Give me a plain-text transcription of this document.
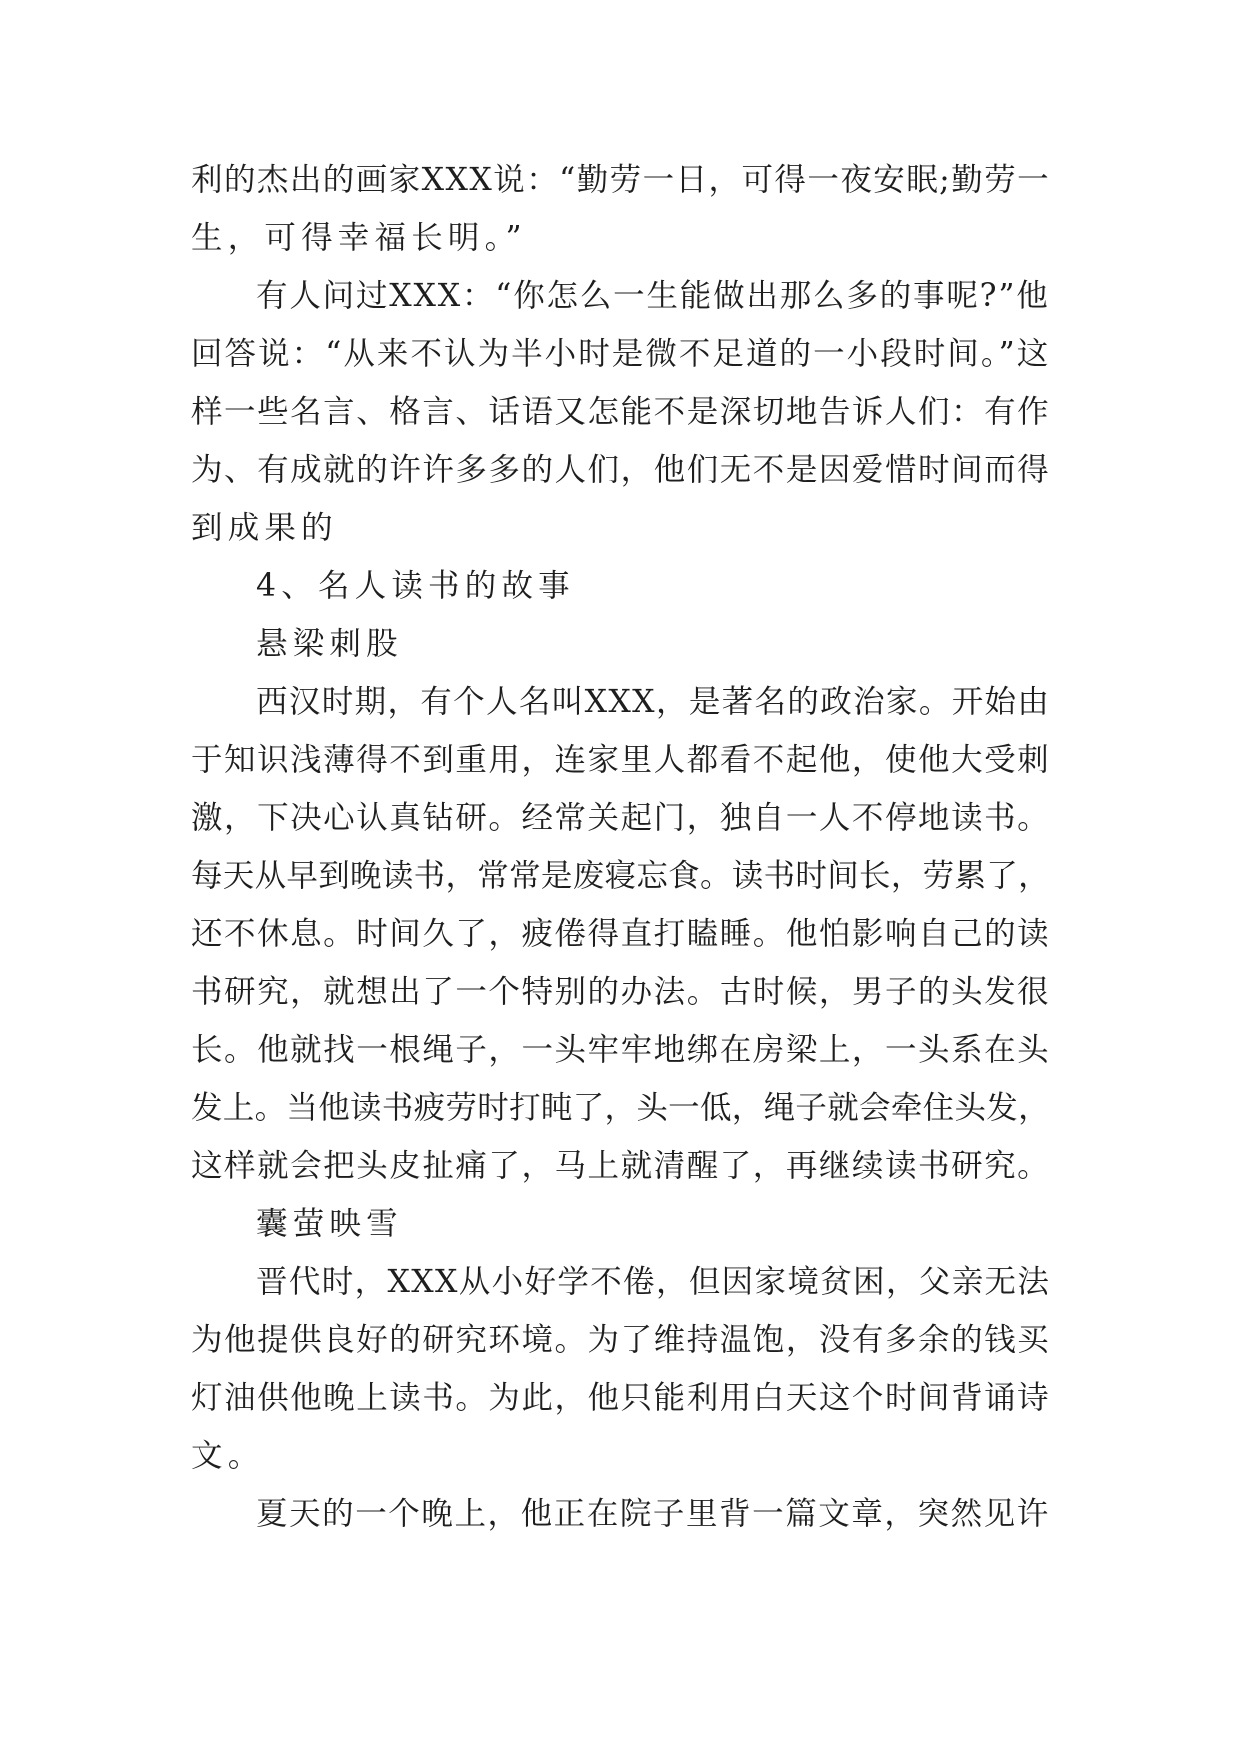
利的杰出的画家XXX说：“勤劳一日，可得一夜安眠;勤劳一

生，可得幸福长明。”

有人问过XXX：“你怎么一生能做出那么多的事呢?”他

回答说：“从来不认为半小时是微不足道的一小段时间。”这

样一些名言、格言、话语又怎能不是深切地告诉人们：有作

为、有成就的许许多多的人们，他们无不是因爱惜时间而得

到成果的

4、名人读书的故事

悬梁刺股

西汉时期，有个人名叫XXX，是著名的政治家。开始由

于知识浅薄得不到重用，连家里人都看不起他，使他大受刺

激，下决心认真钻研。经常关起门，独自一人不停地读书。

每天从早到晚读书，常常是废寝忘食。读书时间长，劳累了，

还不休息。时间久了，疲倦得直打瞌睡。他怕影响自己的读

书研究，就想出了一个特别的办法。古时候，男子的头发很

长。他就找一根绳子，一头牢牢地绑在房梁上，一头系在头

发上。当他读书疲劳时打盹了，头一低，绳子就会牵住头发，

这样就会把头皮扯痛了，马上就清醒了，再继续读书研究。

囊萤映雪

晋代时，XXX从小好学不倦，但因家境贫困，父亲无法

为他提供良好的研究环境。为了维持温饱，没有多余的钱买

灯油供他晚上读书。为此，他只能利用白天这个时间背诵诗

文。

夏天的一个晚上，他正在院子里背一篇文章，突然见许
